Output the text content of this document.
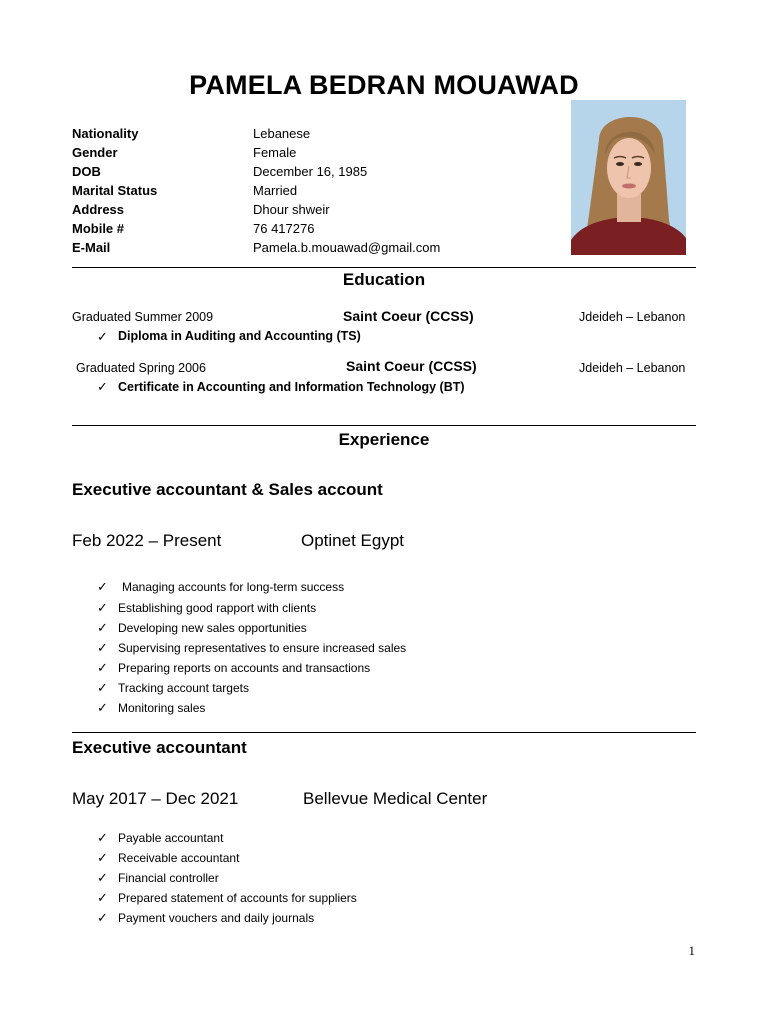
PAMELA BEDRAN MOUAWAD
Nationality	Lebanese
Gender	Female
DOB	December 16, 1985
Marital Status	Married
Address	Dhour shweir
Mobile #	76 417276
E-Mail	Pamela.b.mouawad@gmail.com
Education
Graduated Summer 2009	Saint Coeur (CCSS)	Jdeideh – Lebanon
✓ Diploma in Auditing and Accounting (TS)
Graduated Spring 2006	Saint Coeur (CCSS)	Jdeideh – Lebanon
✓ Certificate in Accounting and Information Technology (BT)
Experience
Executive accountant & Sales account
Feb 2022 – Present	Optinet Egypt
✓ Managing accounts for long-term success
✓ Establishing good rapport with clients
✓ Developing new sales opportunities
✓ Supervising representatives to ensure increased sales
✓ Preparing reports on accounts and transactions
✓ Tracking account targets
✓ Monitoring sales
Executive accountant
May 2017 – Dec 2021	Bellevue Medical Center
✓ Payable accountant
✓ Receivable accountant
✓ Financial controller
✓ Prepared statement of accounts for suppliers
✓ Payment vouchers and daily journals
1
